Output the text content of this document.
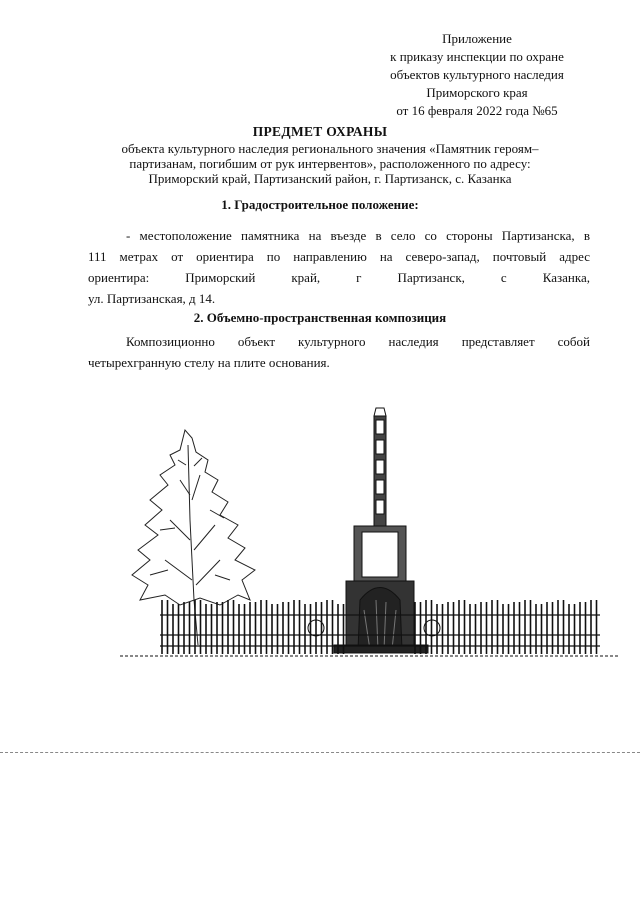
Приложение
к приказу инспекции по охране
объектов культурного наследия
Приморского края
от 16 февраля 2022 года №65
ПРЕДМЕТ ОХРАНЫ
объекта культурного наследия регионального значения «Памятник героям–партизанам, погибшим от рук интервентов», расположенного по адресу: Приморский край, Партизанский район, г. Партизанск, с. Казанка
1. Градостроительное положение:
- местоположение памятника на въезде в село со стороны Партизанска, в
111 метрах от ориентира по направлению на северо-запад, почтовый адрес
ориентира: Приморский край, г Партизанск, с Казанка,
ул. Партизанская, д 14.
2. Объемно-пространственная композиция
Композиционно объект культурного наследия представляет собой
четырехгранную стелу на плите основания.
